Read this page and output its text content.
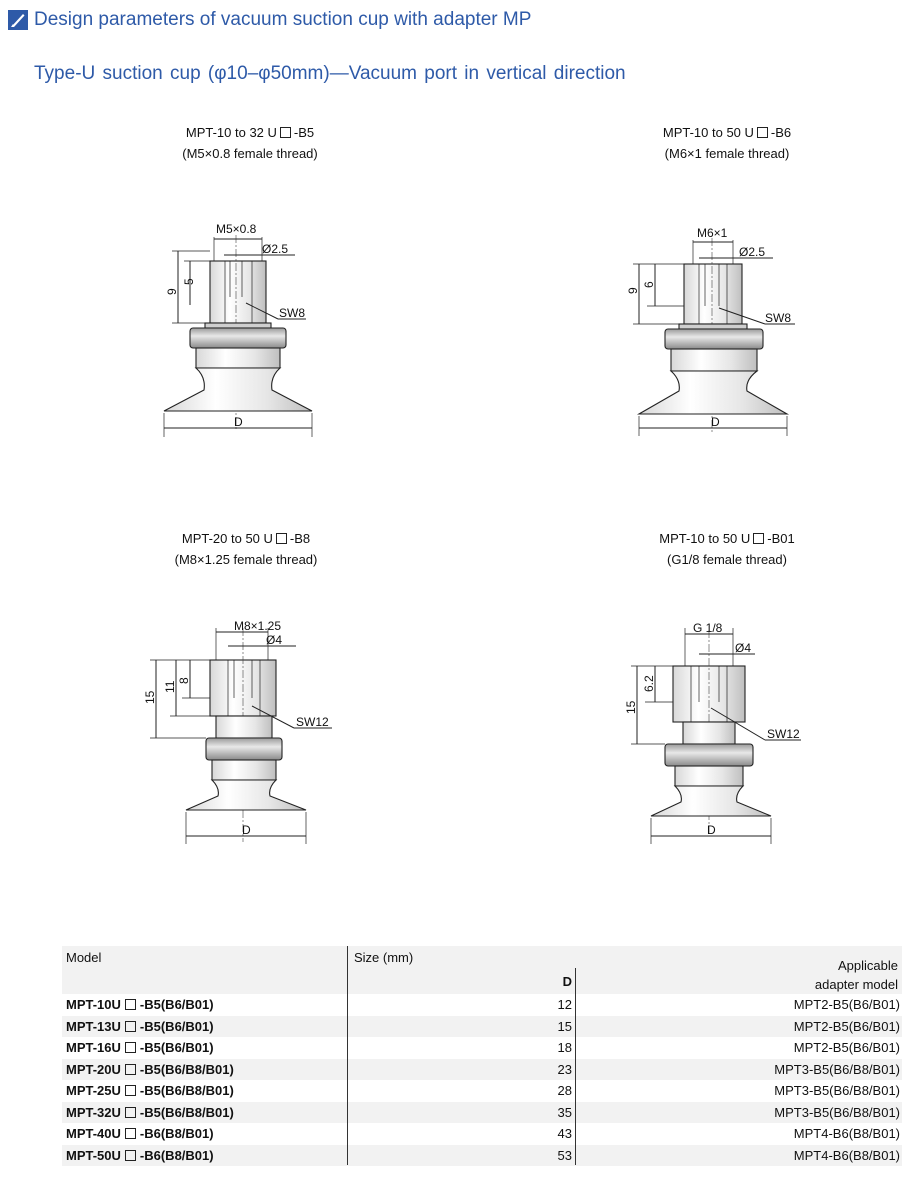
Design parameters of vacuum suction cup with adapter MP
Type-U suction cup (φ10–φ50mm)—Vacuum port in vertical direction
MPT-10 to 32 U -B5
(M5×0.8 female thread)
MPT-10 to 50 U -B6
(M6×1 female thread)
MPT-20 to 50 U -B8
(M8×1.25 female thread)
MPT-10 to 50 U -B01
(G1/8 female thread)
9
5
M5×0.8
Ø2.5
SW8
D
9
6
M6×1
Ø2.5
SW8
D
15
11 8
M8×1.25
Ø4
SW12
D
15
6.2
G 1/8
Ø4
SW12
D
Model	Size (mm)
D
Applicable
adapter model
MPT-10U -B5(B6/B01)	12	MPT2-B5(B6/B01)
MPT-13U -B5(B6/B01)	15	MPT2-B5(B6/B01)
MPT-16U -B5(B6/B01)	18	MPT2-B5(B6/B01)
MPT-20U -B5(B6/B8/B01)	23	MPT3-B5(B6/B8/B01)
MPT-25U -B5(B6/B8/B01)	28	MPT3-B5(B6/B8/B01)
MPT-32U -B5(B6/B8/B01)	35	MPT3-B5(B6/B8/B01)
MPT-40U -B6(B8/B01)	43	MPT4-B6(B8/B01)
MPT-50U -B6(B8/B01)	53	MPT4-B6(B8/B01)
